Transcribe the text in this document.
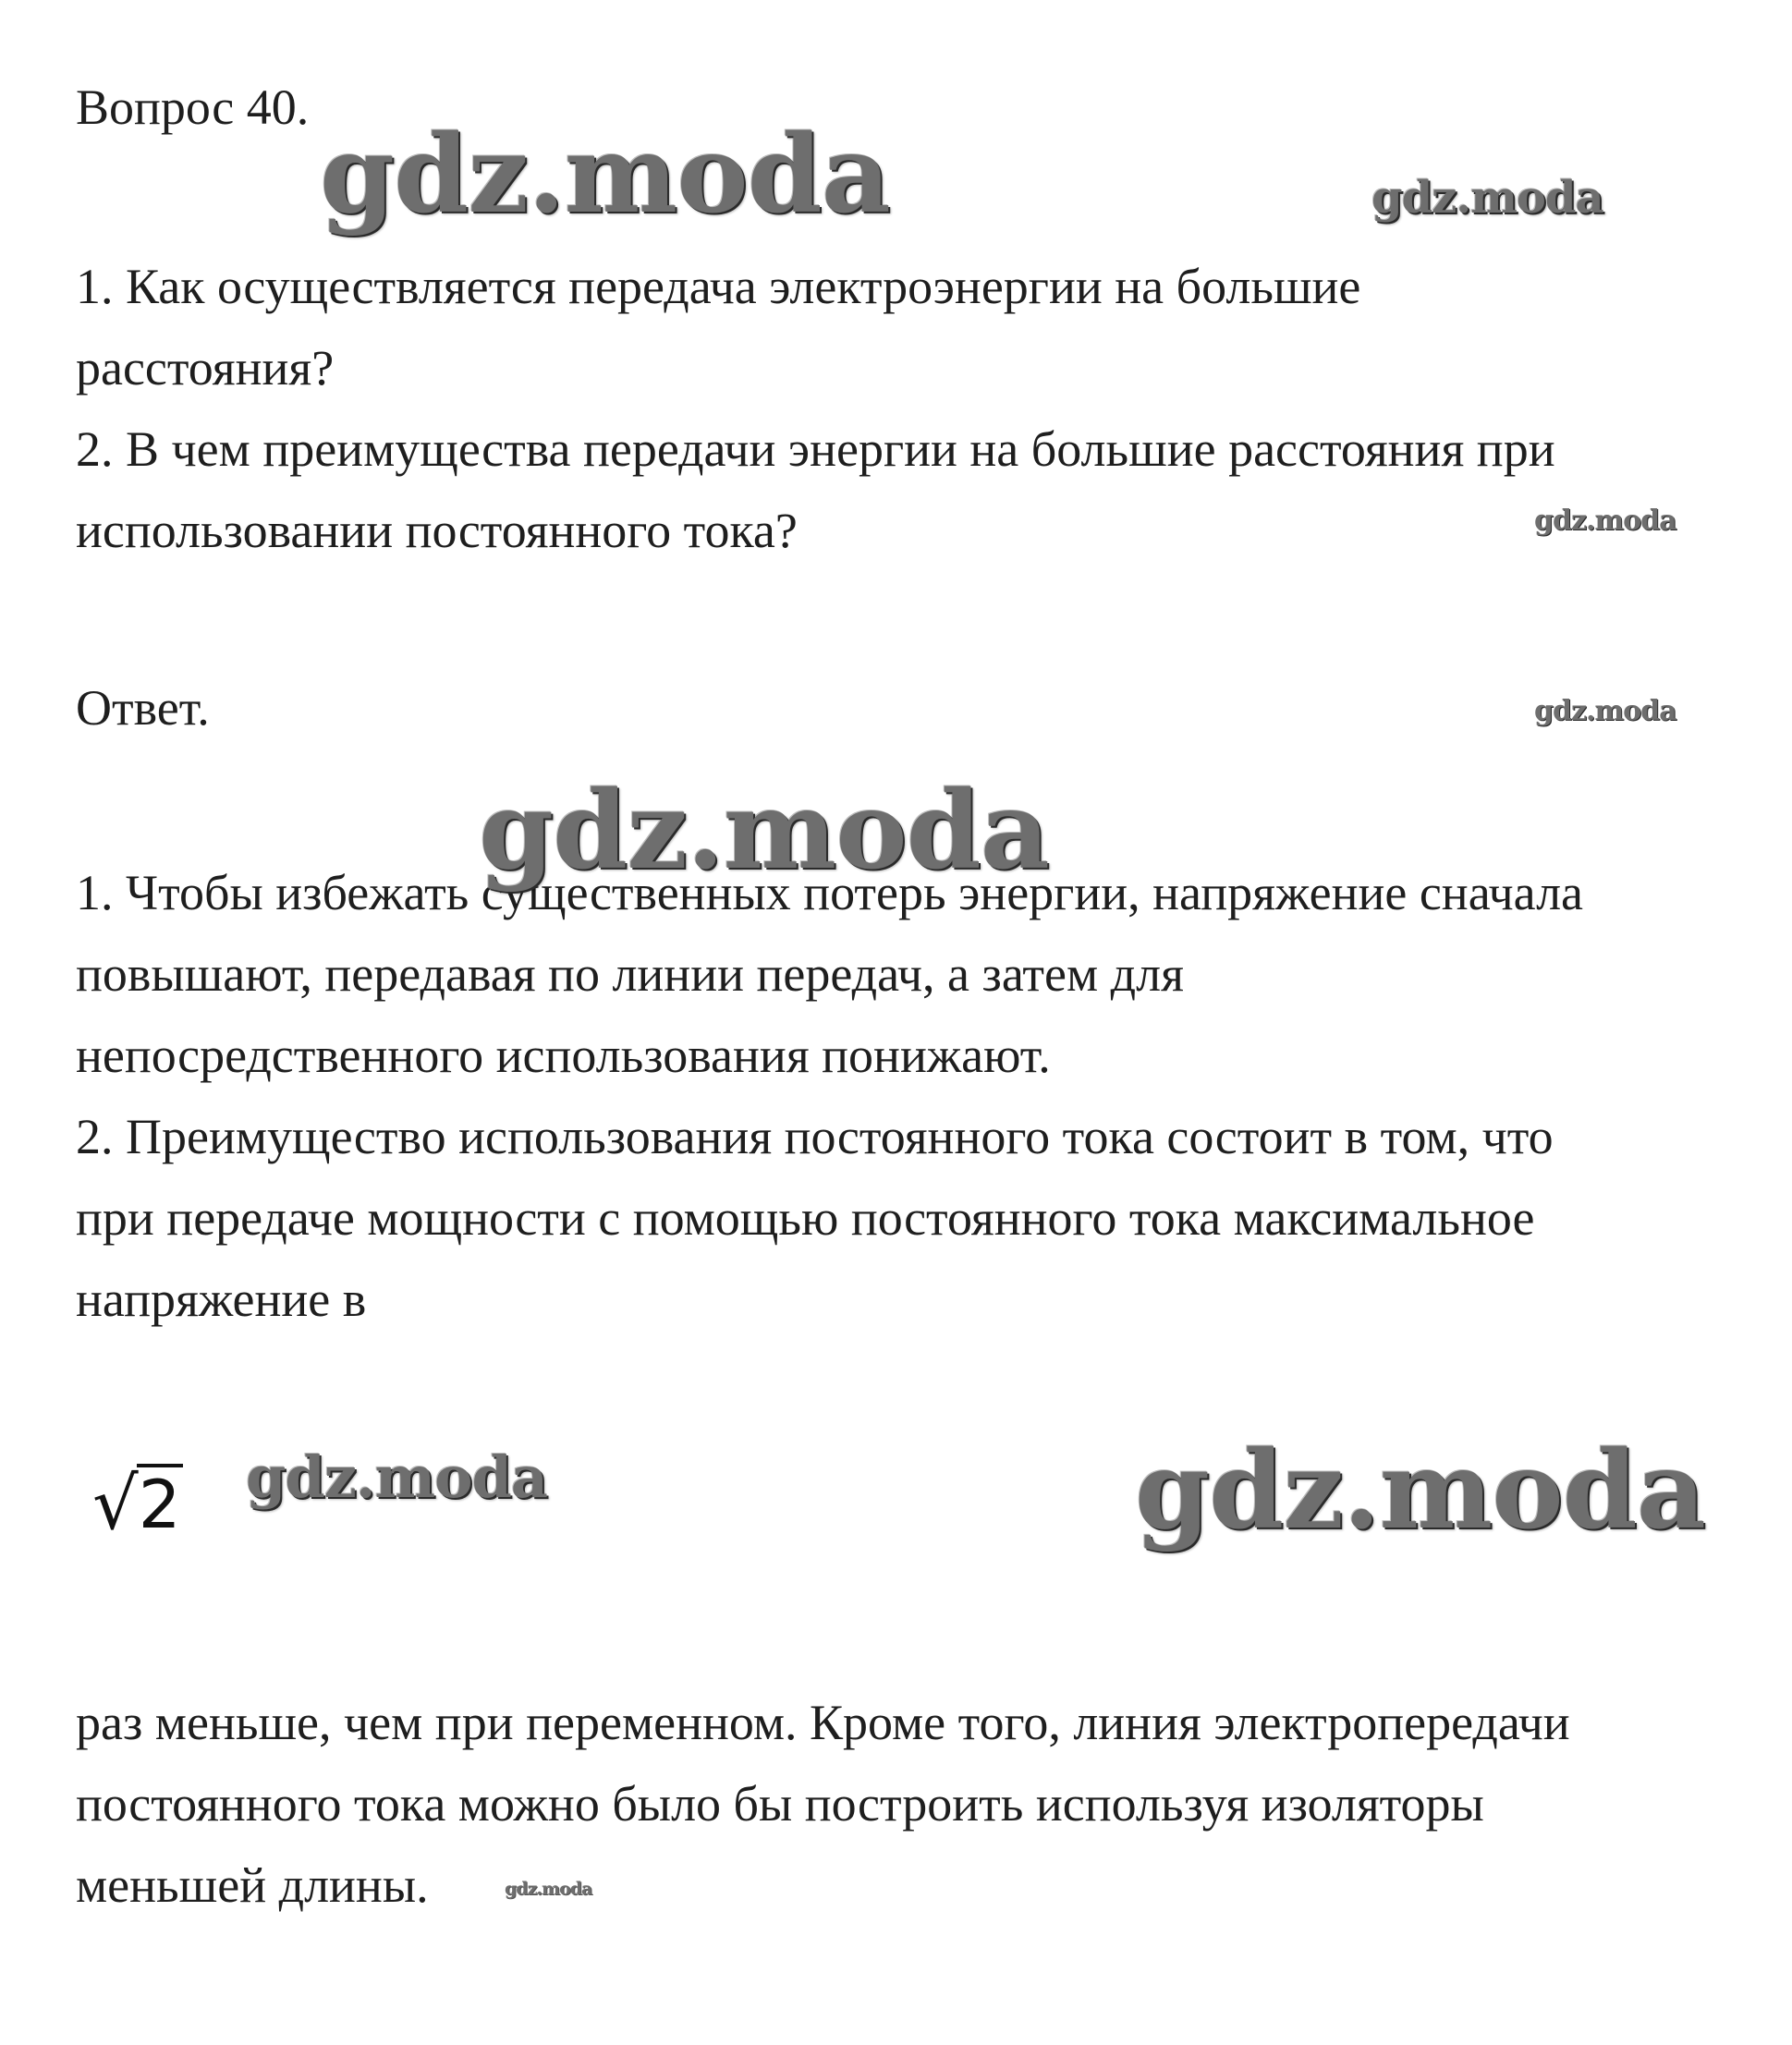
Вопрос 40.
1. Как осуществляется передача электроэнергии на большие
расстояния?
2. В чем преимущества передачи энергии на большие расстояния при
использовании постоянного тока?
Ответ.
1. Чтобы избежать существенных потерь энергии, напряжение сначала
повышают, передавая по линии передач, а затем для
непосредственного использования понижают.
2. Преимущество использования постоянного тока состоит в том, что
при передаче мощности с помощью постоянного тока максимальное
напряжение в
√ 2
раз меньше, чем при переменном. Кроме того, линия электропередачи
постоянного тока можно было бы построить используя изоляторы
меньшей длины.
gdz.moda	gdz.moda
gdz.moda
gdz.moda
gdz.moda
gdz.moda	gdz.moda
gdz.moda
